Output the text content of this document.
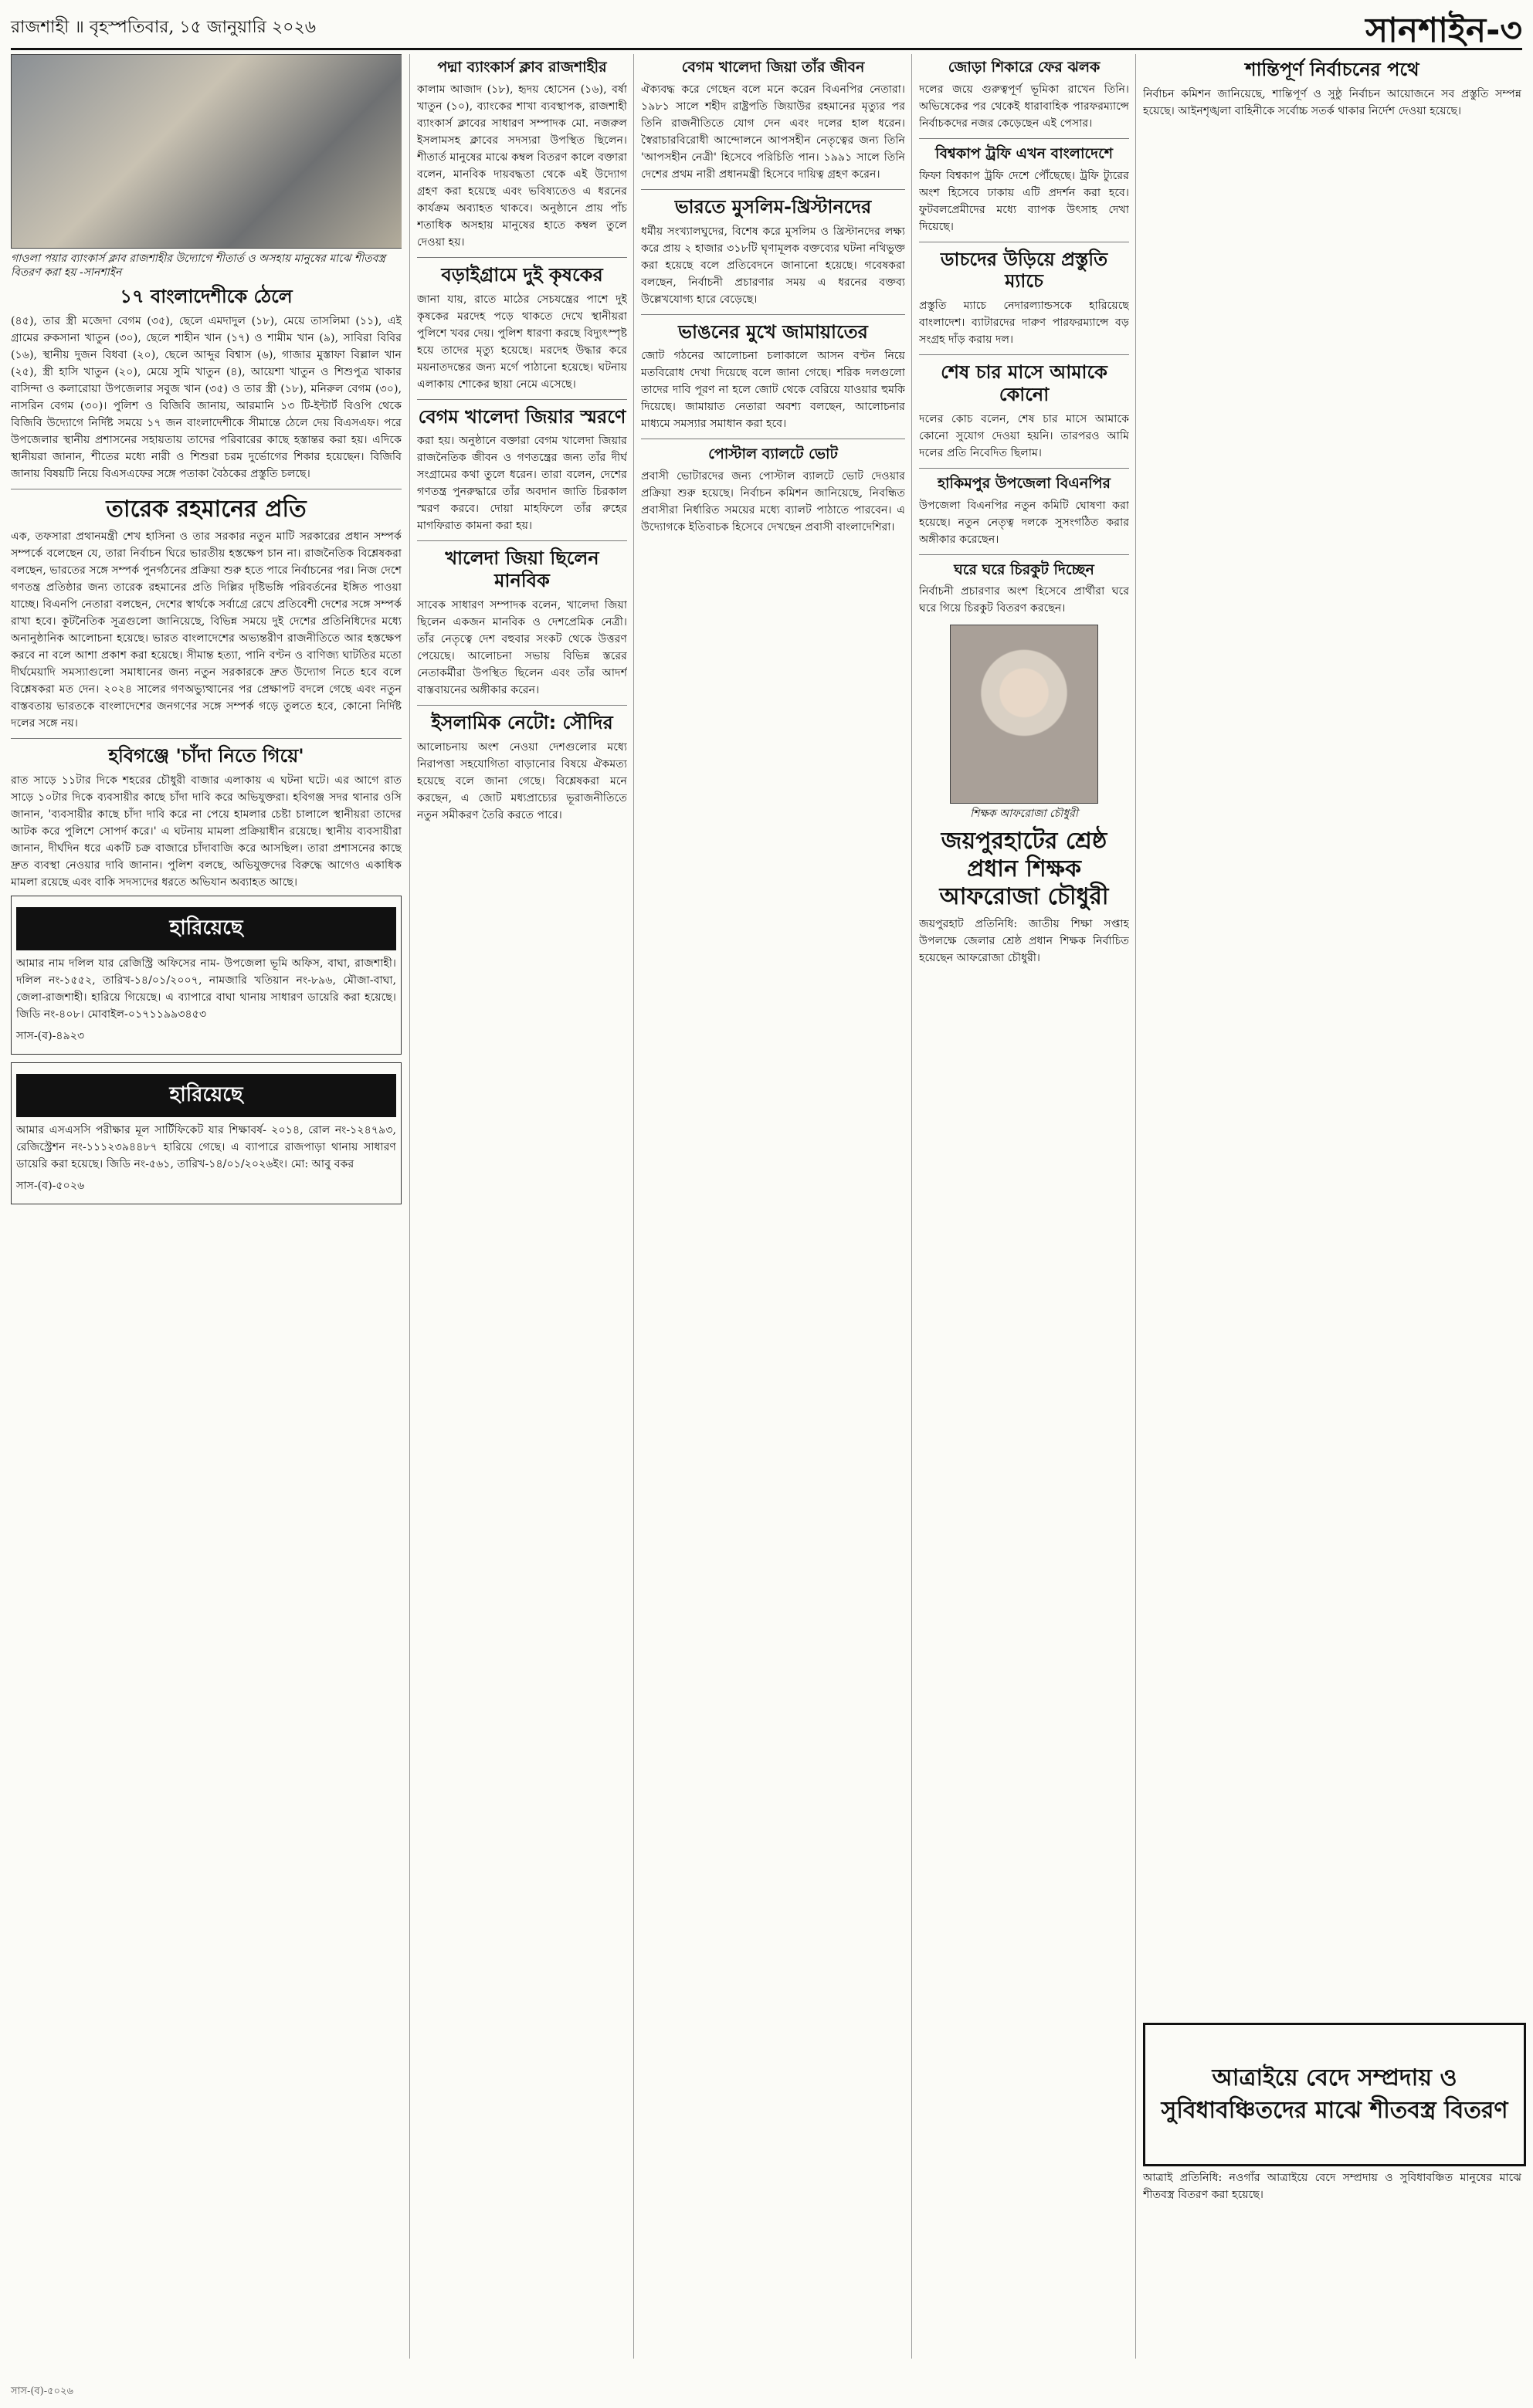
রাজশাহী ॥ বৃহস্পতিবার, ১৫ জানুয়ারি ২০২৬	সানশাইন-৩
গাওলা পয়ার ব্যাংকার্স ক্লাব রাজশাহীর উদ্যোগে শীতার্ত ও অসহায় মানুষের মাঝে শীতবস্ত্র বিতরণ করা হয় -সানশাইন
১৭ বাংলাদেশীকে ঠেলে

(৪৫), তার স্ত্রী মজেদা বেগম (৩৫), ছেলে এমদাদুল (১৮), মেয়ে তাসলিমা (১১), এই গ্রামের রুকসানা খাতুন (৩০), ছেলে শাহীন খান (১৭) ও শামীম খান (৯), সাবিরা বিবির (১৬), স্থানীয় দুজন বিধবা (২০), ছেলে আব্দুর বিশ্বাস (৬), গাজার মুস্তাফা বিল্লাল খান (২৫), স্ত্রী হাসি খাতুন (২০), মেয়ে সুমি খাতুন (৪), আয়েশা খাতুন ও শিশুপুত্র খাকার বাসিন্দা ও কলারোয়া উপজেলার সবুজ খান (৩৫) ও তার স্ত্রী (১৮), মনিরুল বেগম (৩০), নাসরিন বেগম (৩০)। পুলিশ ও বিজিবি জানায়, আরমানি ১৩ টি-ইন্টার্ট বিওপি থেকে বিজিবি উদ্যোগে নির্দিষ্ট সময়ে ১৭ জন বাংলাদেশীকে সীমান্তে ঠেলে দেয় বিএসএফ। পরে উপজেলার স্থানীয় প্রশাসনের সহায়তায় তাদের পরিবারের কাছে হস্তান্তর করা হয়। এদিকে স্থানীয়রা জানান, শীতের মধ্যে নারী ও শিশুরা চরম দুর্ভোগের শিকার হয়েছেন। বিজিবি জানায় বিষয়টি নিয়ে বিএসএফের সঙ্গে পতাকা বৈঠকের প্রস্তুতি চলছে।

তারেক রহমানের প্রতি

এক, তফসারা প্রথানমন্ত্রী শেখ হাসিনা ও তার সরকার নতুন মাটি সরকারের প্রধান সম্পর্ক সম্পর্কে বলেছেন যে, তারা নির্বাচন ঘিরে ভারতীয় হস্তক্ষেপ চান না। রাজনৈতিক বিশ্লেষকরা বলছেন, ভারতের সঙ্গে সম্পর্ক পুনর্গঠনের প্রক্রিয়া শুরু হতে পারে নির্বাচনের পর। নিজ দেশে গণতন্ত্র প্রতিষ্ঠার জন্য তারেক রহমানের প্রতি দিল্লির দৃষ্টিভঙ্গি পরিবর্তনের ইঙ্গিত পাওয়া যাচ্ছে। বিএনপি নেতারা বলছেন, দেশের স্বার্থকে সর্বাগ্রে রেখে প্রতিবেশী দেশের সঙ্গে সম্পর্ক রাখা হবে। কূটনৈতিক সূত্রগুলো জানিয়েছে, বিভিন্ন সময়ে দুই দেশের প্রতিনিধিদের মধ্যে অনানুষ্ঠানিক আলোচনা হয়েছে। ভারত বাংলাদেশের অভ্যন্তরীণ রাজনীতিতে আর হস্তক্ষেপ করবে না বলে আশা প্রকাশ করা হয়েছে। সীমান্ত হত্যা, পানি বণ্টন ও বাণিজ্য ঘাটতির মতো দীর্ঘমেয়াদি সমস্যাগুলো সমাধানের জন্য নতুন সরকারকে দ্রুত উদ্যোগ নিতে হবে বলে বিশ্লেষকরা মত দেন। ২০২৪ সালের গণঅভ্যুত্থানের পর প্রেক্ষাপট বদলে গেছে এবং নতুন বাস্তবতায় ভারতকে বাংলাদেশের জনগণের সঙ্গে সম্পর্ক গড়ে তুলতে হবে, কোনো নির্দিষ্ট দলের সঙ্গে নয়।

হবিগঞ্জে 'চাঁদা নিতে গিয়ে'

রাত সাড়ে ১১টার দিকে শহরের চৌধুরী বাজার এলাকায় এ ঘটনা ঘটে। এর আগে রাত সাড়ে ১০টার দিকে ব্যবসায়ীর কাছে চাঁদা দাবি করে অভিযুক্তরা। হবিগঞ্জ সদর থানার ওসি জানান, 'ব্যবসায়ীর কাছে চাঁদা দাবি করে না পেয়ে হামলার চেষ্টা চালালে স্থানীয়রা তাদের আটক করে পুলিশে সোপর্দ করে।' এ ঘটনায় মামলা প্রক্রিয়াধীন রয়েছে। স্থানীয় ব্যবসায়ীরা জানান, দীর্ঘদিন ধরে একটি চক্র বাজারে চাঁদাবাজি করে আসছিল। তারা প্রশাসনের কাছে দ্রুত ব্যবস্থা নেওয়ার দাবি জানান। পুলিশ বলছে, অভিযুক্তদের বিরুদ্ধে আগেও একাধিক মামলা রয়েছে এবং বাকি সদস্যদের ধরতে অভিযান অব্যাহত আছে।

হারিয়েছে

আমার নাম দলিল যার রেজিস্ট্রি অফিসের নাম- উপজেলা ভূমি অফিস, বাঘা, রাজশাহী। দলিল নং-১৫৫২, তারিখ-১৪/০১/২০০৭, নামজারি খতিয়ান নং-৮৯৬, মৌজা-বাঘা, জেলা-রাজশাহী। হারিয়ে গিয়েছে। এ ব্যাপারে বাঘা থানায় সাধারণ ডায়েরি করা হয়েছে। জিডি নং-৪০৮। মোবাইল-০১৭১১৯৯৩৪৫৩

সাস-(ব)-৪৯২৩

হারিয়েছে

আমার এসএসসি পরীক্ষার মূল সার্টিফিকেট যার শিক্ষাবর্ষ- ২০১৪, রোল নং-১২৪৭৯৩, রেজিস্ট্রেশন নং-১১১২৩৯৪৪৮৭ হারিয়ে গেছে। এ ব্যাপারে রাজপাড়া থানায় সাধারণ ডায়েরি করা হয়েছে। জিডি নং-৫৬১, তারিখ-১৪/০১/২০২৬ইং। মো: আবু বকর

সাস-(ব)-৫০২৬

পদ্মা ব্যাংকার্স ক্লাব রাজশাহীর

কালাম আজাদ (১৮), হৃদয় হোসেন (১৬), বর্ষা খাতুন (১০), ব্যাংকের শাখা ব্যবস্থাপক, রাজশাহী ব্যাংকার্স ক্লাবের সাধারণ সম্পাদক মো. নজরুল ইসলামসহ ক্লাবের সদস্যরা উপস্থিত ছিলেন। শীতার্ত মানুষের মাঝে কম্বল বিতরণ কালে বক্তারা বলেন, মানবিক দায়বদ্ধতা থেকে এই উদ্যোগ গ্রহণ করা হয়েছে এবং ভবিষ্যতেও এ ধরনের কার্যক্রম অব্যাহত থাকবে। অনুষ্ঠানে প্রায় পাঁচ শতাধিক অসহায় মানুষের হাতে কম্বল তুলে দেওয়া হয়।

বড়াইগ্রামে দুই কৃষকের

জানা যায়, রাতে মাঠের সেচযন্ত্রের পাশে দুই কৃষকের মরদেহ পড়ে থাকতে দেখে স্থানীয়রা পুলিশে খবর দেয়। পুলিশ ধারণা করছে বিদ্যুৎস্পৃষ্ট হয়ে তাদের মৃত্যু হয়েছে। মরদেহ উদ্ধার করে ময়নাতদন্তের জন্য মর্গে পাঠানো হয়েছে। ঘটনায় এলাকায় শোকের ছায়া নেমে এসেছে।

বেগম খালেদা জিয়ার স্মরণে

করা হয়। অনুষ্ঠানে বক্তারা বেগম খালেদা জিয়ার রাজনৈতিক জীবন ও গণতন্ত্রের জন্য তাঁর দীর্ঘ সংগ্রামের কথা তুলে ধরেন। তারা বলেন, দেশের গণতন্ত্র পুনরুদ্ধারে তাঁর অবদান জাতি চিরকাল স্মরণ করবে। দোয়া মাহফিলে তাঁর রুহের মাগফিরাত কামনা করা হয়।

খালেদা জিয়া ছিলেন মানবিক

সাবেক সাধারণ সম্পাদক বলেন, খালেদা জিয়া ছিলেন একজন মানবিক ও দেশপ্রেমিক নেত্রী। তাঁর নেতৃত্বে দেশ বহুবার সংকট থেকে উত্তরণ পেয়েছে। আলোচনা সভায় বিভিন্ন স্তরের নেতাকর্মীরা উপস্থিত ছিলেন এবং তাঁর আদর্শ বাস্তবায়নের অঙ্গীকার করেন।

ইসলামিক নেটো: সৌদির

আলোচনায় অংশ নেওয়া দেশগুলোর মধ্যে নিরাপত্তা সহযোগিতা বাড়ানোর বিষয়ে ঐকমত্য হয়েছে বলে জানা গেছে। বিশ্লেষকরা মনে করছেন, এ জোট মধ্যপ্রাচ্যের ভূরাজনীতিতে নতুন সমীকরণ তৈরি করতে পারে।

বেগম খালেদা জিয়া তাঁর জীবন

ঐক্যবদ্ধ করে গেছেন বলে মনে করেন বিএনপির নেতারা। ১৯৮১ সালে শহীদ রাষ্ট্রপতি জিয়াউর রহমানের মৃত্যুর পর তিনি রাজনীতিতে যোগ দেন এবং দলের হাল ধরেন। স্বৈরাচারবিরোধী আন্দোলনে আপসহীন নেতৃত্বের জন্য তিনি 'আপসহীন নেত্রী' হিসেবে পরিচিতি পান। ১৯৯১ সালে তিনি দেশের প্রথম নারী প্রধানমন্ত্রী হিসেবে দায়িত্ব গ্রহণ করেন।

ভারতে মুসলিম-খ্রিস্টানদের

ধর্মীয় সংখ্যালঘুদের, বিশেষ করে মুসলিম ও খ্রিস্টানদের লক্ষ্য করে প্রায় ২ হাজার ৩১৮টি ঘৃণামূলক বক্তব্যের ঘটনা নথিভুক্ত করা হয়েছে বলে প্রতিবেদনে জানানো হয়েছে। গবেষকরা বলছেন, নির্বাচনী প্রচারণার সময় এ ধরনের বক্তব্য উল্লেখযোগ্য হারে বেড়েছে।

ভাঙনের মুখে জামায়াতের

জোট গঠনের আলোচনা চলাকালে আসন বণ্টন নিয়ে মতবিরোধ দেখা দিয়েছে বলে জানা গেছে। শরিক দলগুলো তাদের দাবি পূরণ না হলে জোট থেকে বেরিয়ে যাওয়ার হুমকি দিয়েছে। জামায়াত নেতারা অবশ্য বলছেন, আলোচনার মাধ্যমে সমস্যার সমাধান করা হবে।

পোস্টাল ব্যালটে ভোট

প্রবাসী ভোটারদের জন্য পোস্টাল ব্যালটে ভোট দেওয়ার প্রক্রিয়া শুরু হয়েছে। নির্বাচন কমিশন জানিয়েছে, নিবন্ধিত প্রবাসীরা নির্ধারিত সময়ের মধ্যে ব্যালট পাঠাতে পারবেন। এ উদ্যোগকে ইতিবাচক হিসেবে দেখছেন প্রবাসী বাংলাদেশিরা।

জোড়া শিকারে ফের ঝলক

দলের জয়ে গুরুত্বপূর্ণ ভূমিকা রাখেন তিনি। অভিষেকের পর থেকেই ধারাবাহিক পারফরম্যান্সে নির্বাচকদের নজর কেড়েছেন এই পেসার।

বিশ্বকাপ ট্রফি এখন বাংলাদেশে

ফিফা বিশ্বকাপ ট্রফি দেশে পৌঁছেছে। ট্রফি ট্যুরের অংশ হিসেবে ঢাকায় এটি প্রদর্শন করা হবে। ফুটবলপ্রেমীদের মধ্যে ব্যাপক উৎসাহ দেখা দিয়েছে।

ডাচদের উড়িয়ে প্রস্তুতি ম্যাচে

প্রস্তুতি ম্যাচে নেদারল্যান্ডসকে হারিয়েছে বাংলাদেশ। ব্যাটারদের দারুণ পারফরম্যান্সে বড় সংগ্রহ দাঁড় করায় দল।

শেষ চার মাসে আমাকে কোনো

দলের কোচ বলেন, শেষ চার মাসে আমাকে কোনো সুযোগ দেওয়া হয়নি। তারপরও আমি দলের প্রতি নিবেদিত ছিলাম।

হাকিমপুর উপজেলা বিএনপির

উপজেলা বিএনপির নতুন কমিটি ঘোষণা করা হয়েছে। নতুন নেতৃত্ব দলকে সুসংগঠিত করার অঙ্গীকার করেছেন।

ঘরে ঘরে চিরকুট দিচ্ছেন

নির্বাচনী প্রচারণার অংশ হিসেবে প্রার্থীরা ঘরে ঘরে গিয়ে চিরকুট বিতরণ করছেন।

শিক্ষক আফরোজা চৌধুরী
জয়পুরহাটের শ্রেষ্ঠ প্রধান শিক্ষক আফরোজা চৌধুরী

জয়পুরহাট প্রতিনিধি: জাতীয় শিক্ষা সপ্তাহ উপলক্ষে জেলার শ্রেষ্ঠ প্রধান শিক্ষক নির্বাচিত হয়েছেন আফরোজা চৌধুরী।

শান্তিপূর্ণ নির্বাচনের পথে

নির্বাচন কমিশন জানিয়েছে, শান্তিপূর্ণ ও সুষ্ঠু নির্বাচন আয়োজনে সব প্রস্তুতি সম্পন্ন হয়েছে। আইনশৃঙ্খলা বাহিনীকে সর্বোচ্চ সতর্ক থাকার নির্দেশ দেওয়া হয়েছে।

আত্রাইয়ে বেদে সম্প্রদায় ও সুবিধাবঞ্চিতদের মাঝে শীতবস্ত্র বিতরণ

আত্রাই প্রতিনিধি: নওগাঁর আত্রাইয়ে বেদে সম্প্রদায় ও সুবিধাবঞ্চিত মানুষের মাঝে শীতবস্ত্র বিতরণ করা হয়েছে।

সাস-(ব)-৫০২৬
